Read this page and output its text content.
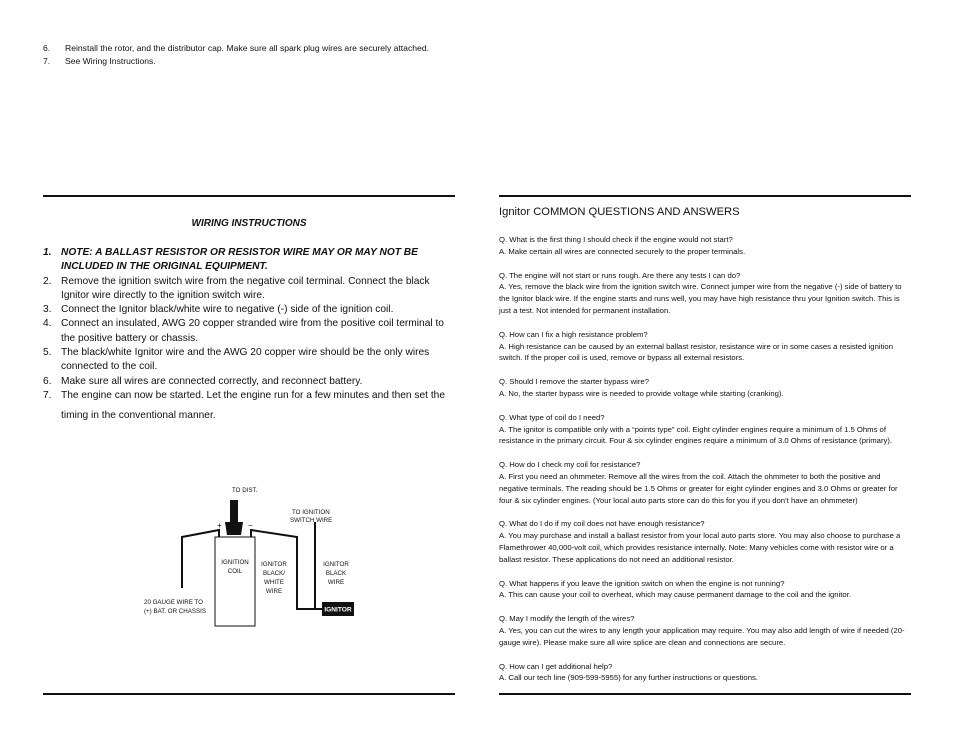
6.	Reinstall the rotor, and the distributor cap. Make sure all spark plug wires are securely attached.
7.	See Wiring Instructions.
WIRING INSTRUCTIONS
1. NOTE: A BALLAST RESISTOR OR RESISTOR WIRE MAY OR MAY NOT BE INCLUDED IN THE ORIGINAL EQUIPMENT.
2. Remove the ignition switch wire from the negative coil terminal. Connect the black Ignitor wire directly to the ignition switch wire.
3. Connect the Ignitor black/white wire to negative (-) side of the ignition coil.
4. Connect an insulated, AWG 20 copper stranded wire from the positive coil terminal to the positive battery or chassis.
5. The black/white Ignitor wire and the AWG 20 copper wire should be the only wires connected to the coil.
6. Make sure all wires are connected correctly, and reconnect battery.
7. The engine can now be started. Let the engine run for a few minutes and then set the timing in the conventional manner.
IGNITOR
TO DIST.
TO IGNITION
SWITCH WIRE
+	−
IGNITION
COIL
IGNITOR
BLACK/
WHITE
WIRE
IGNITOR
BLACK
WIRE
20 GAUGE WIRE TO
(+) BAT. OR CHASSIS
Ignitor COMMON QUESTIONS AND ANSWERS
Q. What is the first thing I should check if the engine would not start?
A. Make certain all wires are connected securely to the proper terminals.
Q. The engine will not start or runs rough. Are there any tests I can do?
A. Yes, remove the black wire from the ignition switch wire. Connect jumper wire from the negative (-) side of battery to the Ignitor black wire. If the engine starts and runs well, you may have high resistance thru your Ignition switch. This is just a test. Not intended for permanent installation.
Q. How can I fix a high resistance problem?
A. High resistance can be caused by an external ballast resistor, resistance wire or in some cases a resisted ignition switch. If the proper coil is used, remove or bypass all external resistors.
Q. Should I remove the starter bypass wire?
A. No, the starter bypass wire is needed to provide voltage while starting (cranking).
Q. What type of coil do I need?
A. The ignitor is compatible only with a “points type” coil. Eight cylinder engines require a minimum of 1.5 Ohms of resistance in the primary circuit. Four & six cylinder engines require a minimum of 3.0 Ohms of resistance (primary).
Q. How do I check my coil for resistance?
A. First you need an ohmmeter. Remove all the wires from the coil. Attach the ohmmeter to both the positive and negative terminals. The reading should be 1.5 Ohms or greater for eight cylinder engines and 3.0 Ohms or greater for four & six cylinder engines. (Your local auto parts store can do this for you if you don’t have an ohmmeter)
Q. What do I do if my coil does not have enough resistance?
A. You may purchase and install a ballast resistor from your local auto parts store. You may also choose to purchase a Flamethrower 40,000-volt coil, which provides resistance internally. Note: Many vehicles come with resistor wire or a ballast resistor. These applications do not need an additional resistor.
Q. What happens if you leave the ignition switch on when the engine is not running?
A. This can cause your coil to overheat, which may cause permanent damage to the coil and the ignitor.
Q. May I modify the length of the wires?
A. Yes, you can cut the wires to any length your application may require. You may also add length of wire if needed (20-gauge wire). Please make sure all wire splice are clean and connections are secure.
Q. How can I get additional help?
A. Call our tech line (909-599-5955) for any further instructions or questions.
